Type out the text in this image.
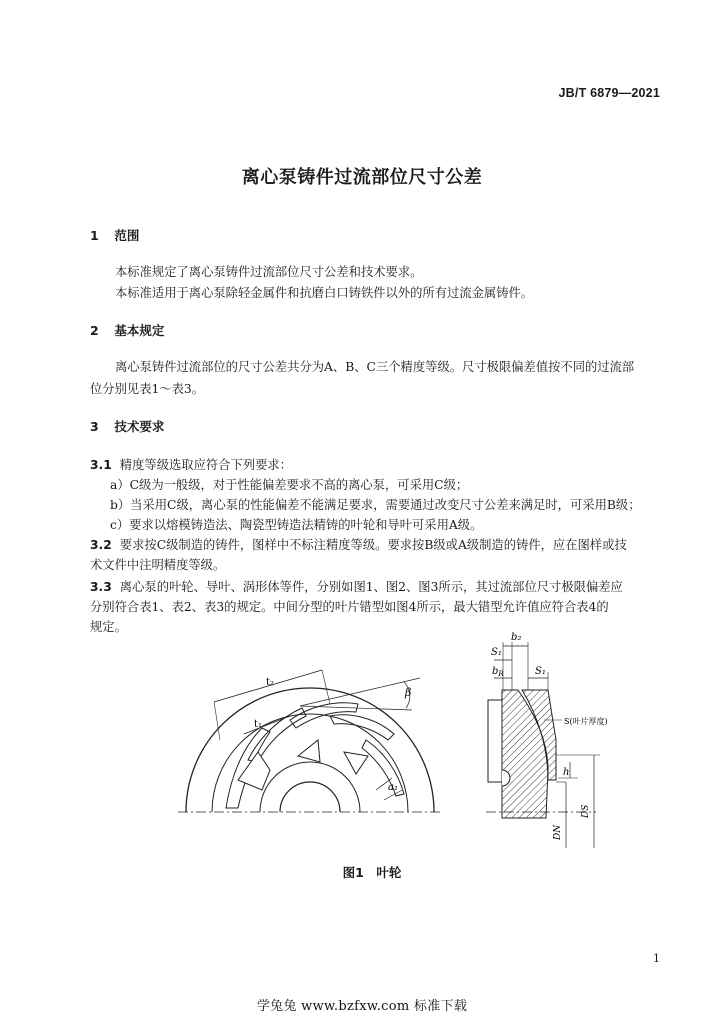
JB/T 6879—2021
离心泵铸件过流部位尺寸公差
1 范围
本标准规定了离心泵铸件过流部位尺寸公差和技术要求。
本标准适用于离心泵除轻金属件和抗磨白口铸铁件以外的所有过流金属铸件。
2 基本规定
离心泵铸件过流部位的尺寸公差共分为A、B、C三个精度等级。尺寸极限偏差值按不同的过流部
位分别见表1～表3。
3 技术要求
3.1 精度等级选取应符合下列要求：
a）C级为一般级，对于性能偏差要求不高的离心泵，可采用C级；
b）当采用C级，离心泵的性能偏差不能满足要求，需要通过改变尺寸公差来满足时，可采用B级；
c）要求以熔模铸造法、陶瓷型铸造法精铸的叶轮和导叶可采用A级。
3.2 要求按C级制造的铸件，图样中不标注精度等级。要求按B级或A级制造的铸件，应在图样或技
术文件中注明精度等级。
3.3 离心泵的叶轮、导叶、涡形体等件，分别如图1、图2、图3所示，其过流部位尺寸极限偏差应
分别符合表1、表2、表3的规定。中间分型的叶片错型如图4所示，最大错型允许值应符合表4的
规定。
t₂
t₁
β
a₁
b₂
S₁
$b_R$	S₁
S(叶片厚度)
h
DN
DS
图1　叶轮
1
学兔兔 www.bzfxw.com 标准下载
